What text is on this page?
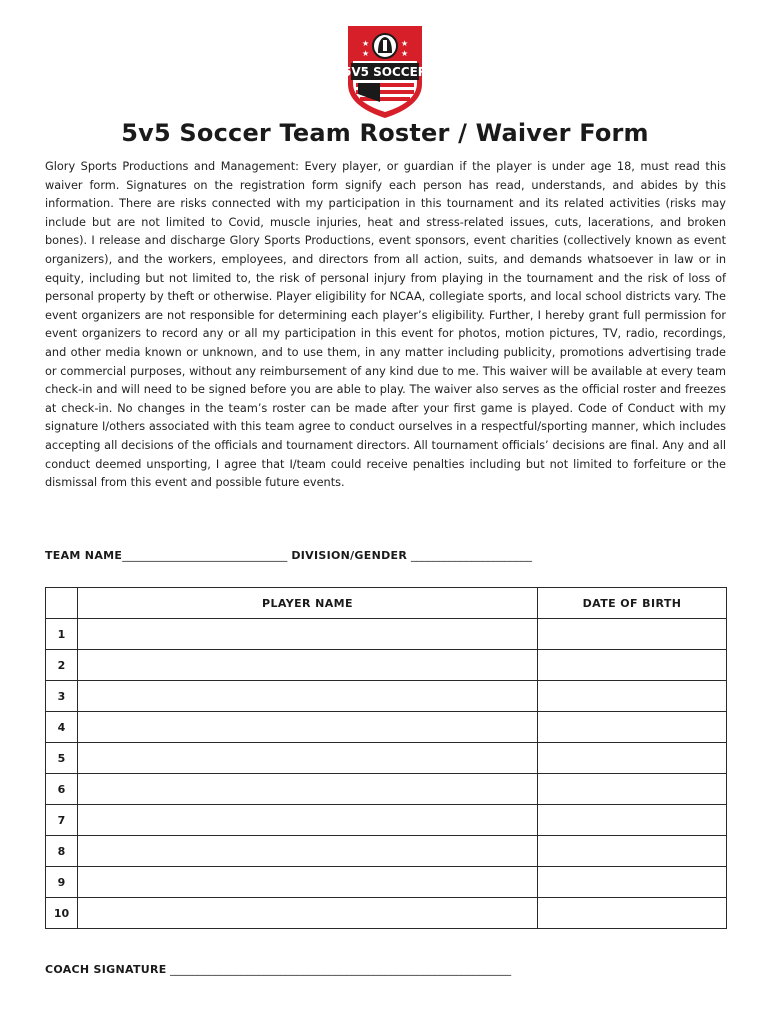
★
★
★
★
5V5 SOCCER
5v5 Soccer Team Roster / Waiver Form

Glory Sports Productions and Management: Every player, or guardian if the player is under age 18, must read this waiver form. Signatures on the registration form signify each person has read, understands, and abides by this information. There are risks connected with my participation in this tournament and its related activities (risks may include but are not limited to Covid, muscle injuries, heat and stress-related issues, cuts, lacerations, and broken bones). I release and discharge Glory Sports Productions, event sponsors, event charities (collectively known as event organizers), and the workers, employees, and directors from all action, suits, and demands whatsoever in law or in equity, including but not limited to, the risk of personal injury from playing in the tournament and the risk of loss of personal property by theft or otherwise. Player eligibility for NCAA, collegiate sports, and local school districts vary. The event organizers are not responsible for determining each player’s eligibility. Further, I hereby grant full permission for event organizers to record any or all my participation in this event for photos, motion pictures, TV, radio, recordings, and other media known or unknown, and to use them, in any matter including publicity, promotions advertising trade or commercial purposes, without any reimbursement of any kind due to me. This waiver will be available at every team check-in and will need to be signed before you are able to play. The waiver also serves as the official roster and freezes at check-in. No changes in the team’s roster can be made after your first game is played. Code of Conduct with my signature I/others associated with this team agree to conduct ourselves in a respectful/sporting manner, which includes accepting all decisions of the officials and tournament directors. All tournament officials’ decisions are final. Any and all conduct deemed unsporting, I agree that I/team could receive penalties including but not limited to forfeiture or the dismissal from this event and possible future events.

TEAM NAME______________________________ DIVISION/GENDER ______________________
	PLAYER NAME	DATE OF BIRTH
1		
2		
3		
4		
5		
6		
7		
8		
9		
10		
COACH SIGNATURE ______________________________________________________________
